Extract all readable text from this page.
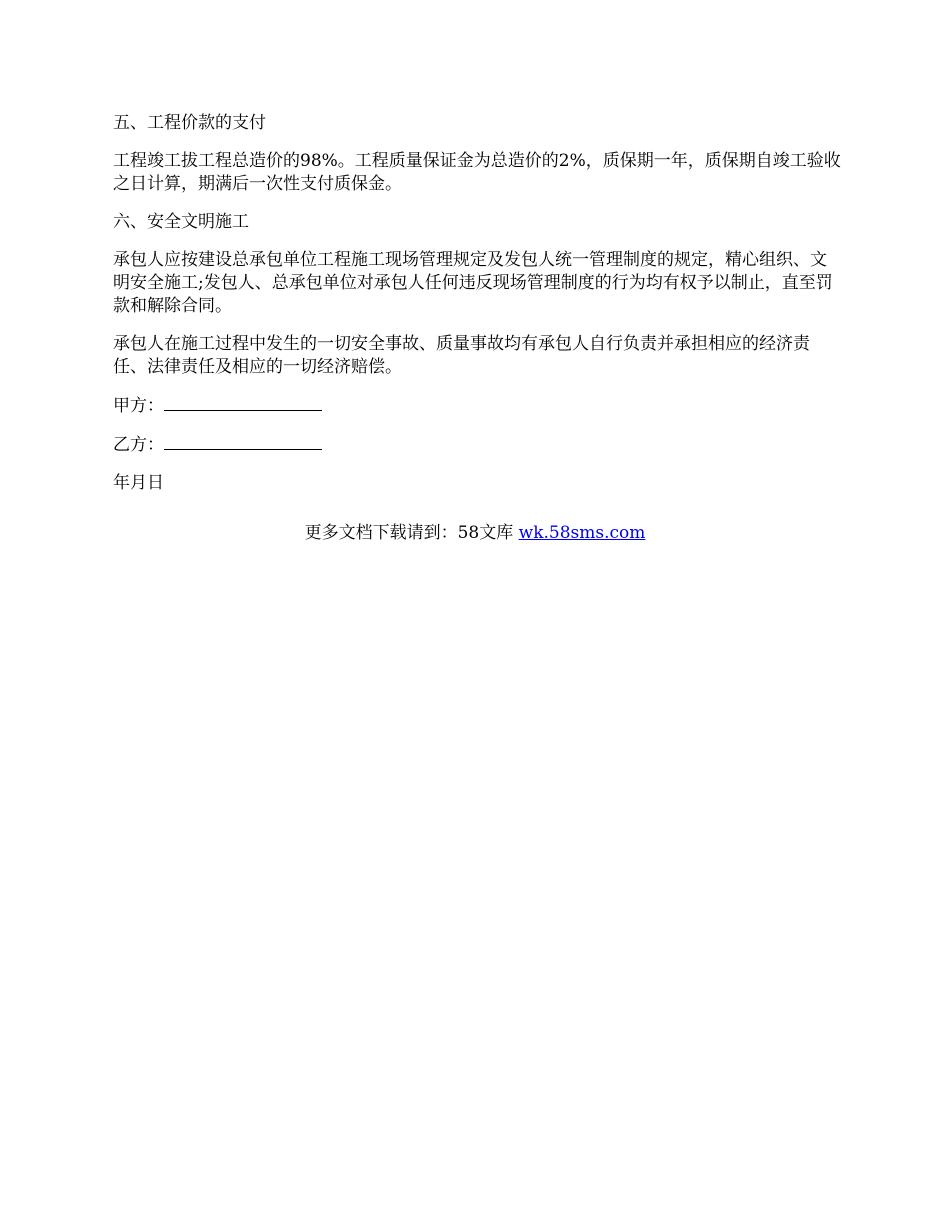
五、工程价款的支付

工程竣工拔工程总造价的98%。工程质量保证金为总造价的2%，质保期一年，质保期自竣工验收之日计算，期满后一次性支付质保金。

六、安全文明施工

承包人应按建设总承包单位工程施工现场管理规定及发包人统一管理制度的规定，精心组织、文明安全施工;发包人、总承包单位对承包人任何违反现场管理制度的行为均有权予以制止，直至罚款和解除合同。

承包人在施工过程中发生的一切安全事故、质量事故均有承包人自行负责并承担相应的经济责任、法律责任及相应的一切经济赔偿。

甲方：

乙方：

年月日

更多文档下载请到：58文库 wk.58sms.com
